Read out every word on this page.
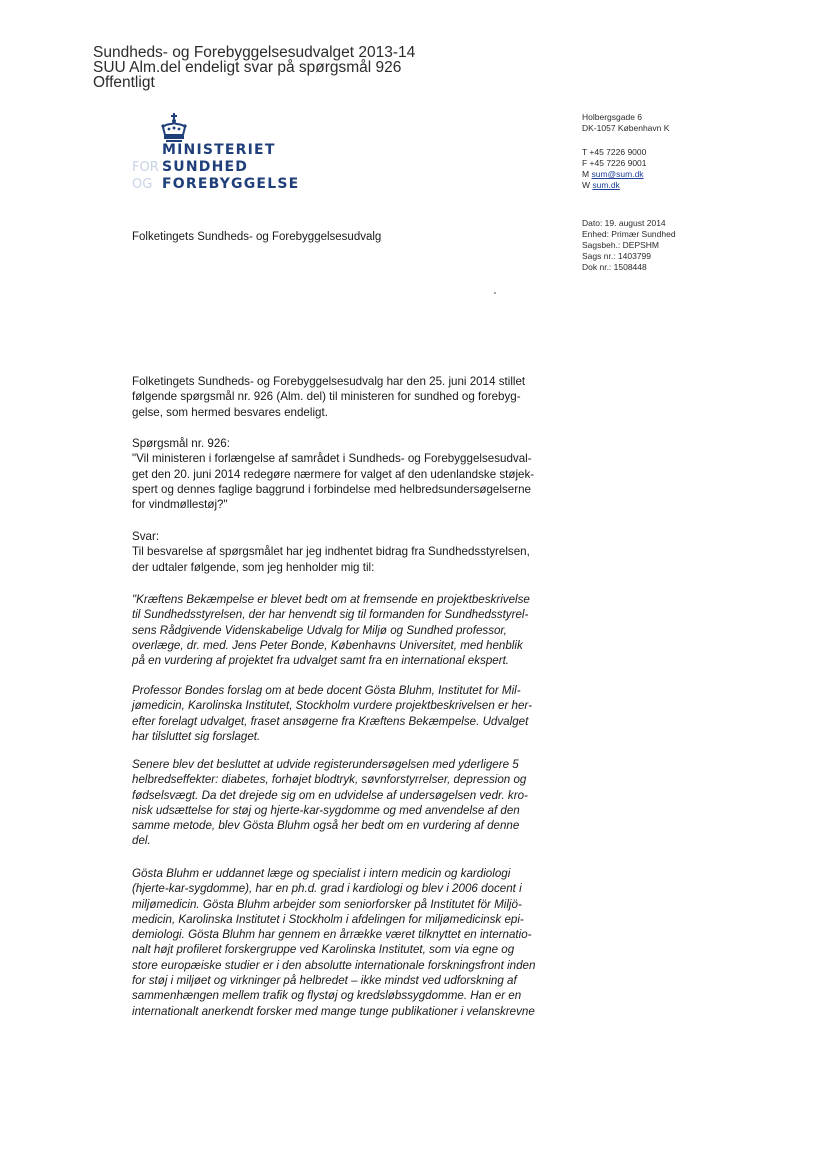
Sundheds- og Forebyggelsesudvalget 2013-14
SUU Alm.del endeligt svar på spørgsmål 926
Offentligt
MINISTERIET
FOR SUNDHED
OG FOREBYGGELSE
Holbergsgade 6
DK-1057 København K
T +45 7226 9000
F +45 7226 9001
M sum@sum.dk
W sum.dk
Dato: 19. august 2014
Enhed: Primær Sundhed
Sagsbeh.: DEPSHM
Sags nr.: 1403799
Dok nr.: 1508448
Folketingets Sundheds- og Forebyggelsesudvalg
Folketingets Sundheds- og Forebyggelsesudvalg har den 25. juni 2014 stillet
følgende spørgsmål nr. 926 (Alm. del) til ministeren for sundhed og forebyg-
gelse, som hermed besvares endeligt.
Spørgsmål nr. 926:
"Vil ministeren i forlængelse af samrådet i Sundheds- og Forebyggelsesudval-
get den 20. juni 2014 redegøre nærmere for valget af den udenlandske støjek-
spert og dennes faglige baggrund i forbindelse med helbredsundersøgelserne
for vindmøllestøj?"
Svar:
Til besvarelse af spørgsmålet har jeg indhentet bidrag fra Sundhedsstyrelsen,
der udtaler følgende, som jeg henholder mig til:
"Kræftens Bekæmpelse er blevet bedt om at fremsende en projektbeskrivelse
til Sundhedsstyrelsen, der har henvendt sig til formanden for Sundhedsstyrel-
sens Rådgivende Videnskabelige Udvalg for Miljø og Sundhed professor,
overlæge, dr. med. Jens Peter Bonde, Københavns Universitet, med henblik
på en vurdering af projektet fra udvalget samt fra en international ekspert.
Professor Bondes forslag om at bede docent Gösta Bluhm, Institutet for Mil-
jømedicin, Karolinska Institutet, Stockholm vurdere projektbeskrivelsen er her-
efter forelagt udvalget, fraset ansøgerne fra Kræftens Bekæmpelse. Udvalget
har tilsluttet sig forslaget.
Senere blev det besluttet at udvide registerundersøgelsen med yderligere 5
helbredseffekter: diabetes, forhøjet blodtryk, søvnforstyrrelser, depression og
fødselsvægt. Da det drejede sig om en udvidelse af undersøgelsen vedr. kro-
nisk udsættelse for støj og hjerte-kar-sygdomme og med anvendelse af den
samme metode, blev Gösta Bluhm også her bedt om en vurdering af denne
del.
Gösta Bluhm er uddannet læge og specialist i intern medicin og kardiologi
(hjerte-kar-sygdomme), har en ph.d. grad i kardiologi og blev i 2006 docent i
miljømedicin. Gösta Bluhm arbejder som seniorforsker på Institutet för Miljö-
medicin, Karolinska Institutet i Stockholm i afdelingen for miljømedicinsk epi-
demiologi. Gösta Bluhm har gennem en årrække været tilknyttet en internatio-
nalt højt profileret forskergruppe ved Karolinska Institutet, som via egne og
store europæiske studier er i den absolutte internationale forskningsfront inden
for støj i miljøet og virkninger på helbredet – ikke mindst ved udforskning af
sammenhængen mellem trafik og flystøj og kredsløbssygdomme. Han er en
internationalt anerkendt forsker med mange tunge publikationer i velanskrevne
